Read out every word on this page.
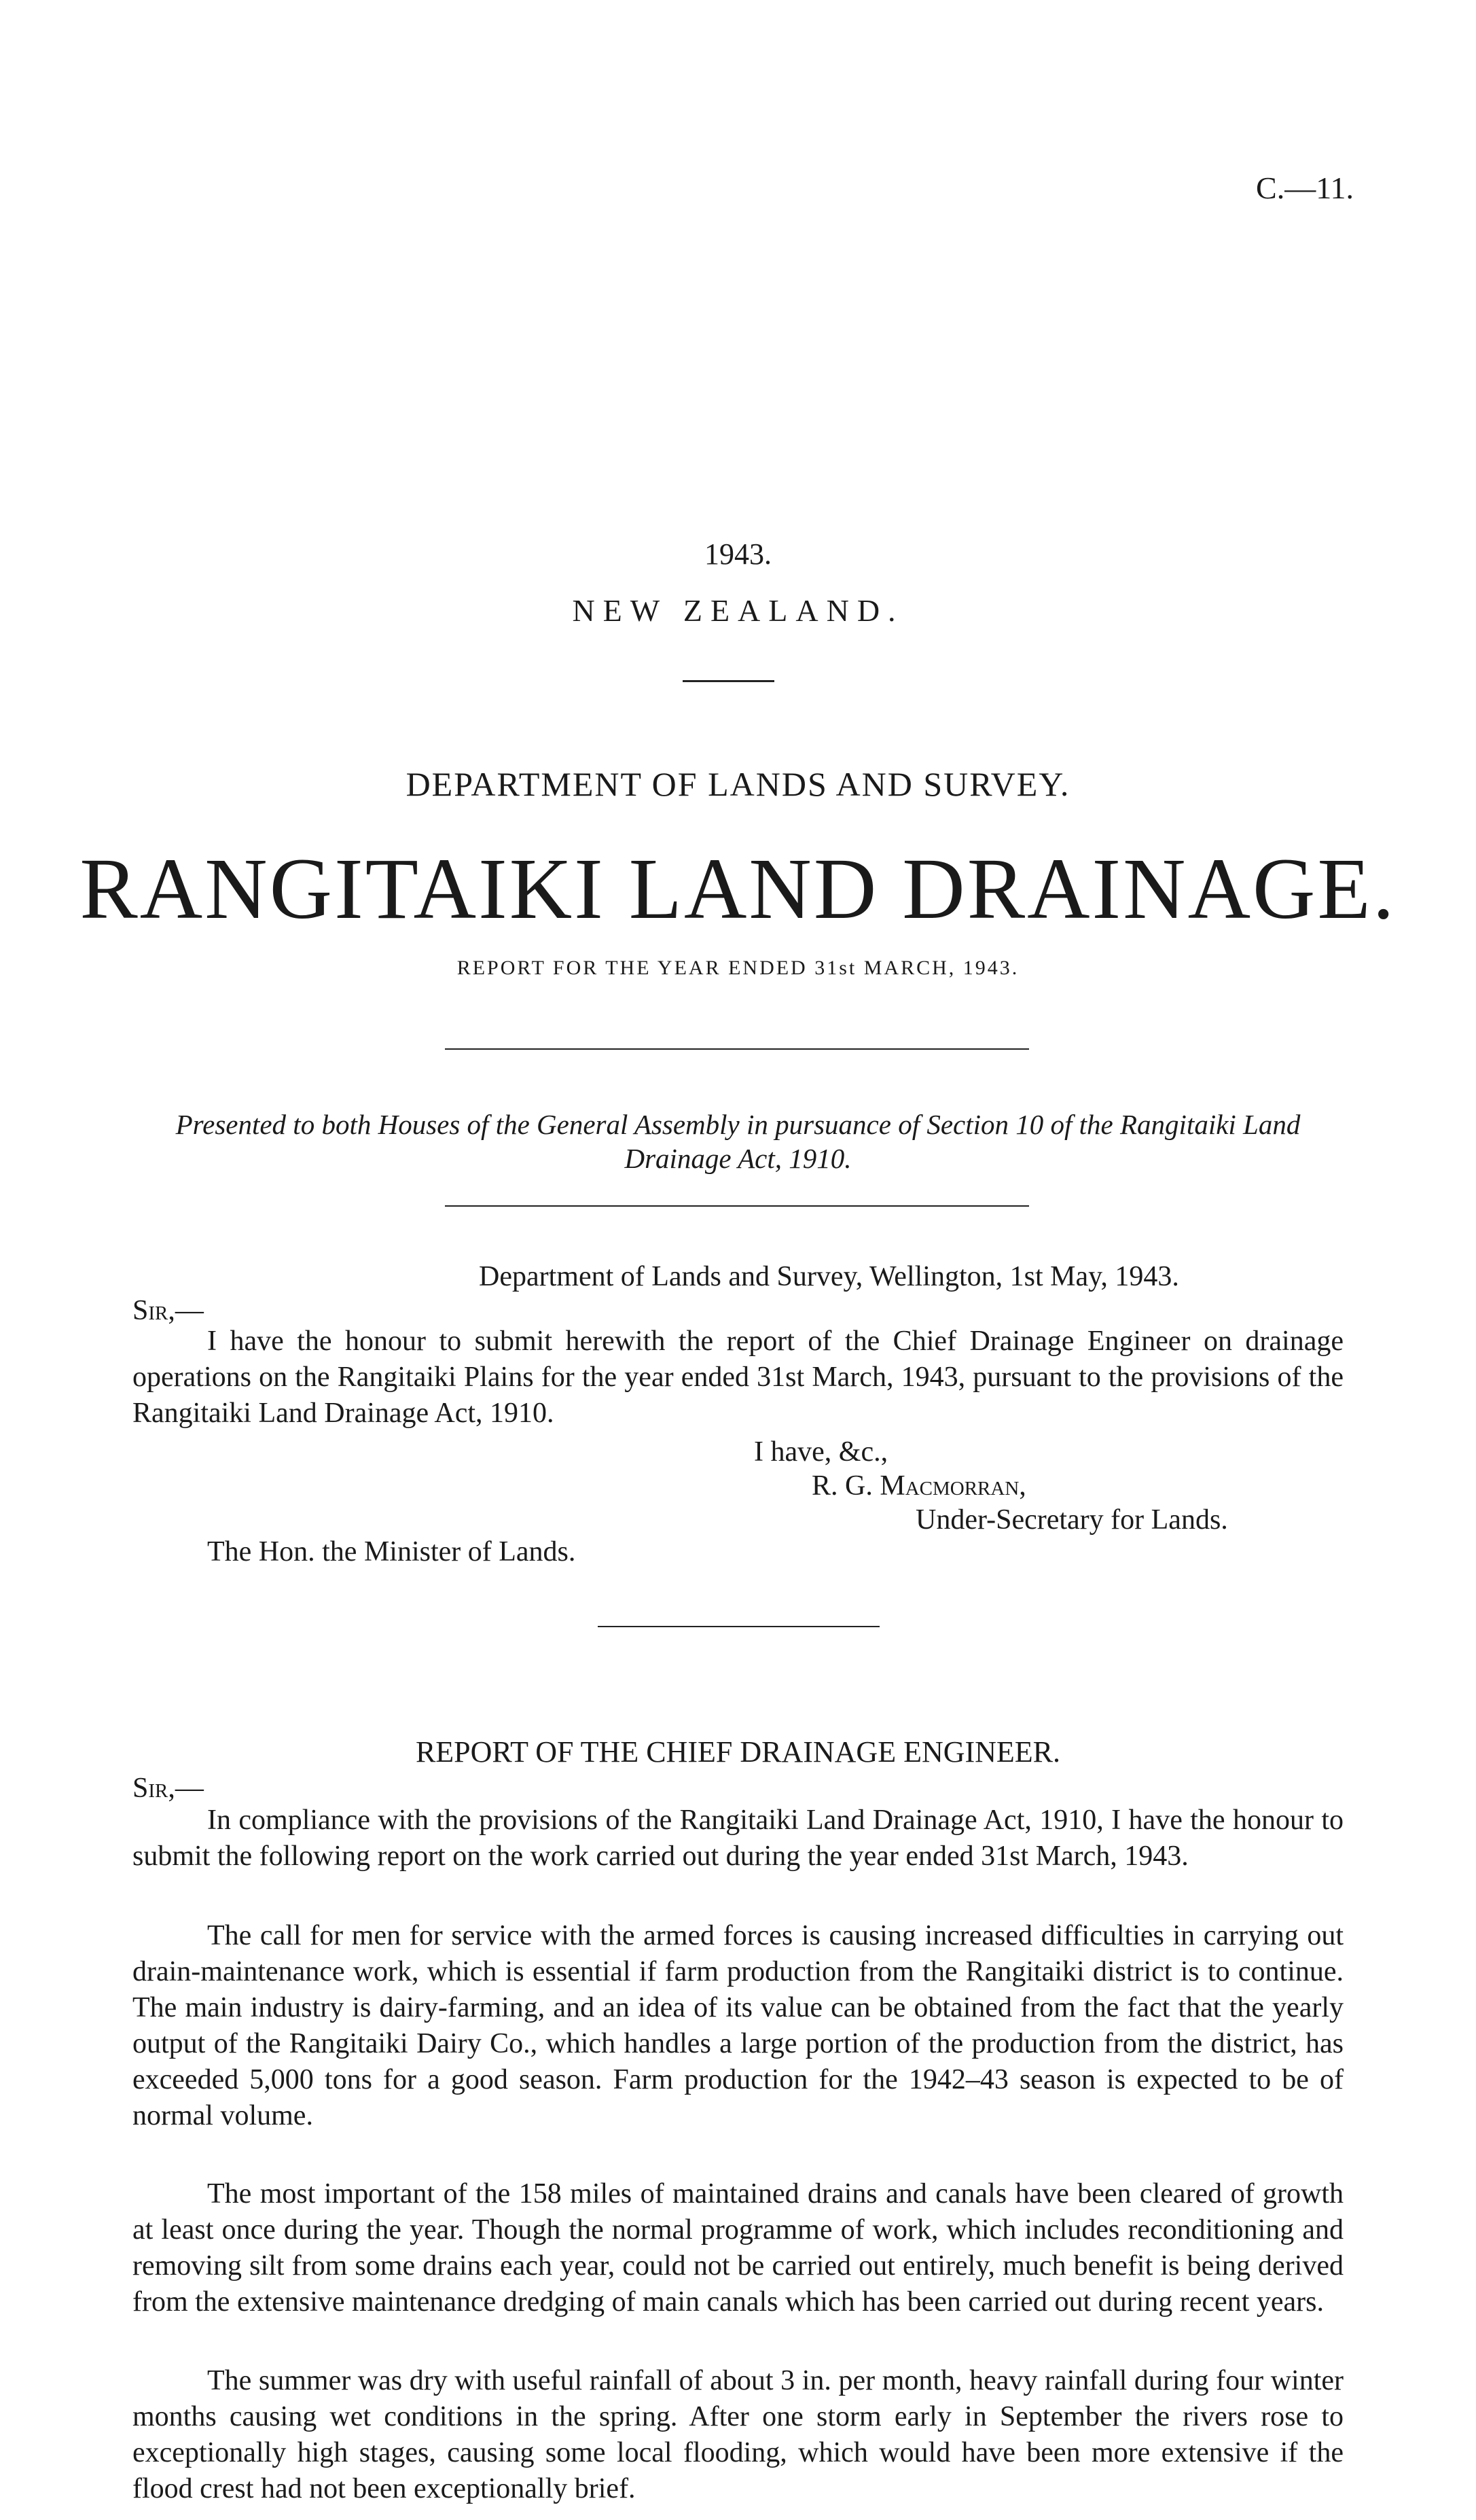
C.—11.
1943.
NEW ZEALAND.
DEPARTMENT OF LANDS AND SURVEY.
RANGITAIKI LAND DRAINAGE.
REPORT FOR THE YEAR ENDED 31st MARCH, 1943.
Presented to both Houses of the General Assembly in pursuance of Section 10 of the Rangitaiki Land Drainage Act, 1910.
Department of Lands and Survey, Wellington, 1st May, 1943.
Sir,—
I have the honour to submit herewith the report of the Chief Drainage Engineer on drainage operations on the Rangitaiki Plains for the year ended 31st March, 1943, pursuant to the provisions of the Rangitaiki Land Drainage Act, 1910.
I have, &c.,
R. G. Macmorran,
Under-Secretary for Lands.
The Hon. the Minister of Lands.
REPORT OF THE CHIEF DRAINAGE ENGINEER.
Sir,—
In compliance with the provisions of the Rangitaiki Land Drainage Act, 1910, I have the honour to submit the following report on the work carried out during the year ended 31st March, 1943.
The call for men for service with the armed forces is causing increased difficulties in carrying out drain-maintenance work, which is essential if farm production from the Rangitaiki district is to continue. The main industry is dairy-farming, and an idea of its value can be obtained from the fact that the yearly output of the Rangitaiki Dairy Co., which handles a large portion of the production from the district, has exceeded 5,000 tons for a good season. Farm production for the 1942–43 season is expected to be of normal volume.
The most important of the 158 miles of maintained drains and canals have been cleared of growth at least once during the year. Though the normal programme of work, which includes reconditioning and removing silt from some drains each year, could not be carried out entirely, much benefit is being derived from the extensive maintenance dredging of main canals which has been carried out during recent years.
The summer was dry with useful rainfall of about 3 in. per month, heavy rainfall during four winter months causing wet conditions in the spring. After one storm early in September the rivers rose to exceptionally high stages, causing some local flooding, which would have been more extensive if the flood crest had not been exceptionally brief.
